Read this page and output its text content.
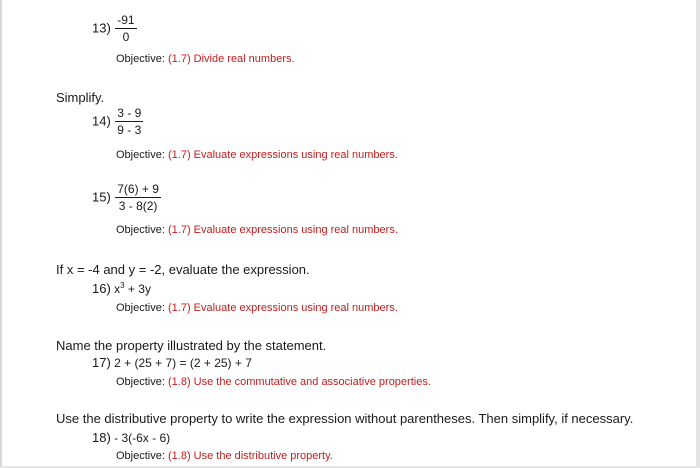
$13) \frac{-91}{0}$
Objective: (1.7) Divide real numbers.
Simplify.
$14) \frac{3 - 9}{9 - 3}$
Objective: (1.7) Evaluate expressions using real numbers.
$15) \frac{7(6) + 9}{3 - 8(2)}$
Objective: (1.7) Evaluate expressions using real numbers.
If x = -4 and y = -2, evaluate the expression.
16) $x^3 + 3y$
Objective: (1.7) Evaluate expressions using real numbers.
Name the property illustrated by the statement.
17) 2 + (25 + 7) = (2 + 25) + 7
Objective: (1.8) Use the commutative and associative properties.
Use the distributive property to write the expression without parentheses. Then simplify, if necessary.
18) - 3(-6x - 6)
Objective: (1.8) Use the distributive property.
